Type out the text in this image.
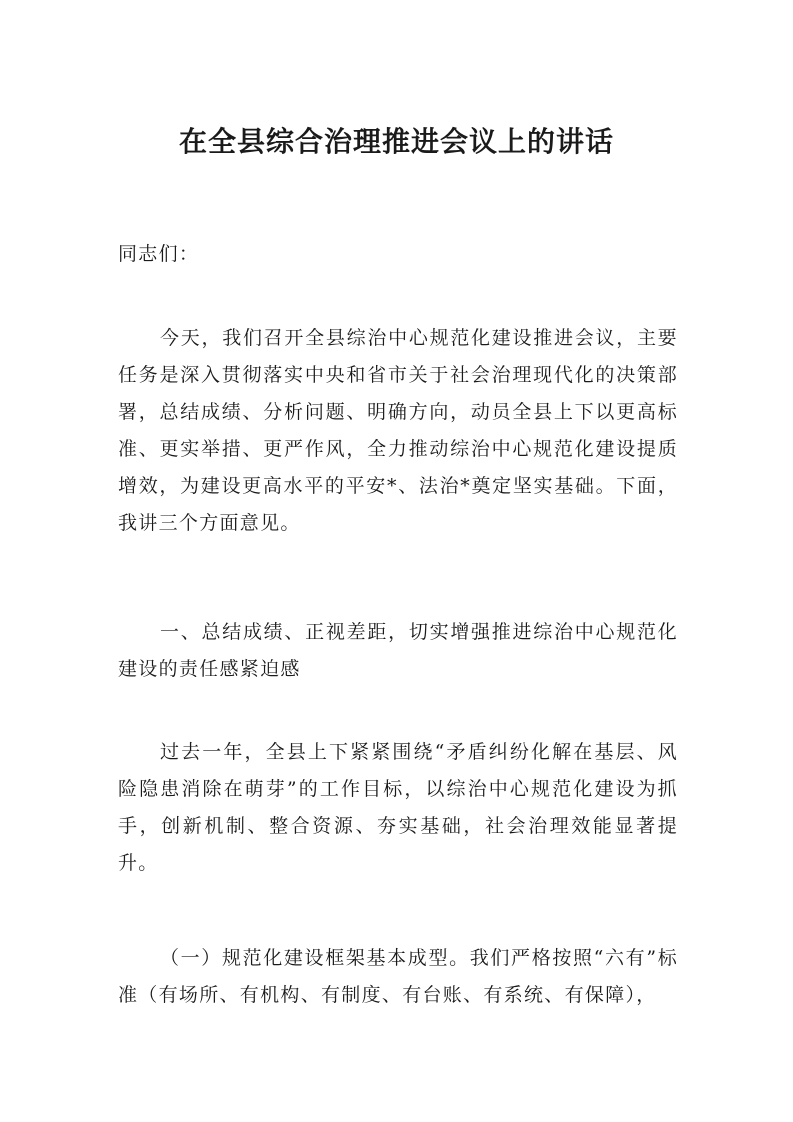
在全县综合治理推进会议上的讲话

同志们：

今天，我们召开全县综治中心规范化建设推进会议，主要任务是深入贯彻落实中央和省市关于社会治理现代化的决策部署，总结成绩、分析问题、明确方向，动员全县上下以更高标准、更实举措、更严作风，全力推动综治中心规范化建设提质增效，为建设更高水平的平安*、法治*奠定坚实基础。下面，我讲三个方面意见。

一、总结成绩、正视差距，切实增强推进综治中心规范化建设的责任感紧迫感

过去一年，全县上下紧紧围绕“矛盾纠纷化解在基层、风险隐患消除在萌芽”的工作目标，以综治中心规范化建设为抓手，创新机制、整合资源、夯实基础，社会治理效能显著提升。

（一）规范化建设框架基本成型。我们严格按照“六有”标准（有场所、有机构、有制度、有台账、有系统、有保障），
